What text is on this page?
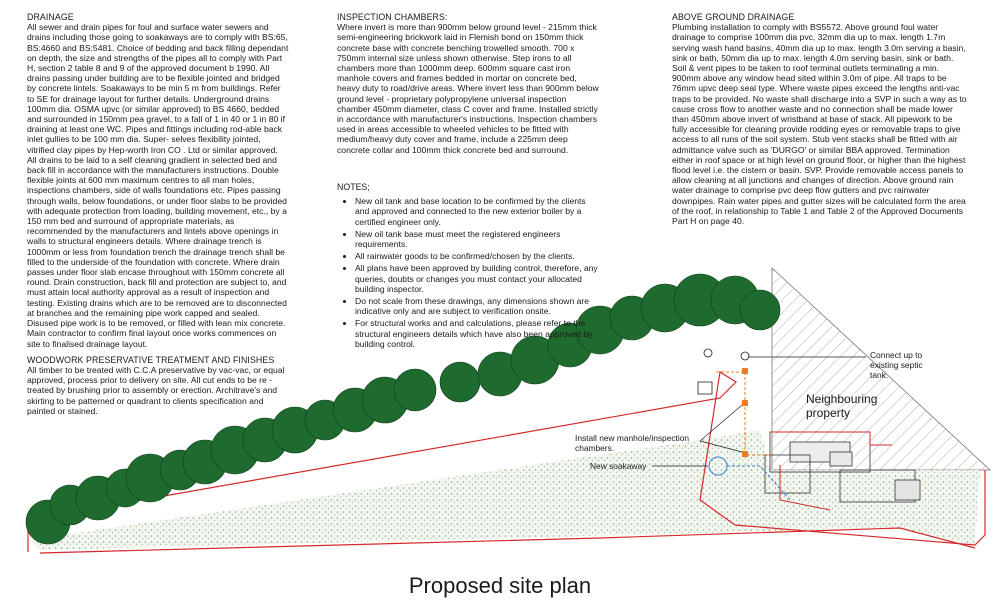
DRAINAGE

All sewer and drain pipes for foul and surface water sewers and drains including those going to soakaways are to comply with BS:65, BS:4660 and BS:5481. Choice of bedding and back filling dependant on depth, the size and strengths of the pipes all to comply with Part H, section 2 table 8 and 9 of the approved document b 1990. All drains passing under building are to be flexible jointed and bridged by concrete lintels. Soakaways to be min 5 m from buildings. Refer to SE for drainage layout for further details. Underground drains 100mm dia. OSMA upvc (or similar approved) to BS 4660, bedded and surrounded in 150mm pea gravel, to a fall of 1 in 40 or 1 in 80 if draining at least one WC. Pipes and fittings including rod-able back inlet gullies to be 100 mm dia. Super- selves flexibility jointed, vitrified clay pipes by Hep-worth Iron CO . Ltd or similar approved. All drains to be laid to a self cleaning gradient in selected bed and back fill in accordance with the manufacturers instructions. Double flexible joints at 600 mm maximum centres to all man holes, inspections chambers, side of walls foundations etc. Pipes passing through walls, below foundations, or under floor slabs to be provided with adequate protection from loading, building movement, etc., by a 150 mm bed and surround of appropriate materials, as recommended by the manufacturers and lintels above openings in walls to structural engineers details. Where drainage trench is 1000mm or less from foundation trench the drainage trench shall be filled to the underside of the foundation with concrete. Where drain passes under floor slab encase throughout with 150mm concrete all round. Drain construction, back fill and protection are subject to, and must attain local authority approval as a result of inspection and testing. Existing drains which are to be removed are to disconnected at branches and the remaining pipe work capped and sealed. Disused pipe work is to be removed, or filled with lean mix concrete. Main contractor to confirm final layout once works commences on site to finalised drainage layout.

WOODWORK PRESERVATIVE TREATMENT AND FINISHES

All timber to be treated with C.C.A preservative by vac-vac, or equal approved, process prior to delivery on site. All cut ends to be re - treated by brushing prior to assembly or erection. Architrave's and skirting to be patterned or quadrant to clients specification and painted or stained.

INSPECTION CHAMBERS:

Where invert is more than 900mm below ground level - 215mm thick semi-engineering brickwork laid in Flemish bond on 150mm thick concrete base with concrete benching trowelled smooth. 700 x 750mm internal size unless shown otherwise. Step irons to all chambers more than 1000mm deep. 600mm square cast iron manhole covers and frames bedded in mortar on concrete bed, heavy duty to road/drive areas. Where invert less than 900mm below ground level - proprietary polypropylene universal inspection chamber 450mm diameter, class C cover and frame. Installed strictly in accordance with manufacturer's instructions. Inspection chambers used in areas accessible to wheeled vehicles to be fitted with medium/heavy duty cover and frame, include a 225mm deep concrete collar and 100mm thick concrete bed and surround.

NOTES;
• New oil tank and base location to be confirmed by the clients and approved and connected to the new exterior boiler by a certified engineer only.
• New oil tank base must meet the registered engineers requirements.
• All rainwater goods to be confirmed/chosen by the clients.
• All plans have been approved by building control, therefore, any queries, doubts or changes you must contact your allocated building inspector.
• Do not scale from these drawings, any dimensions shown are indicative only and are subject to verification onsite.
• For structural works and and calculations, please refer to the structural engineers details which have also been approved by building control.
ABOVE GROUND DRAINAGE

Plumbing installation to comply with BS5572. Above ground foul water drainage to comprise 100mm dia pvc, 32mm dia up to max. length 1.7m serving wash hand basins, 40mm dia up to max. length 3.0m serving a basin, sink or bath, 50mm dia up to max. length 4.0m serving basin, sink or bath. Soil & vent pipes to be taken to roof terminal outlets terminating a min. 900mm above any window head sited within 3.0m of pipe. All traps to be 76mm upvc deep seal type. Where waste pipes exceed the lengths anti-vac traps to be provided. No waste shall discharge into a SVP in such a way as to cause cross flow to another waste and no connection shall be made lower than 450mm above invert of wristband at base of stack. All pipework to be fully accessible for cleaning provide rodding eyes or removable traps to give access to all runs of the soil system. Stub vent stacks shall be fitted with air admittance valve such as 'DURGO' or similar BBA approved. Termination either in roof space or at high level on ground floor, or higher than the highest flood level i.e. the cistern or basin. SVP. Provide removable access panels to allow cleaning at all junctions and changes of direction. Above ground rain water drainage to comprise pvc deep flow gutters and pvc rainwater downpipes. Rain water pipes and gutter sizes will be calculated form the area of the roof, in relationship to Table 1 and Table 2 of the Approved Documents Part H on page 40.

Neighbouring
property
Connect up to
existing septic
tank.
Install new manhole/inspection
chambers.
New soakaway
Proposed site plan
